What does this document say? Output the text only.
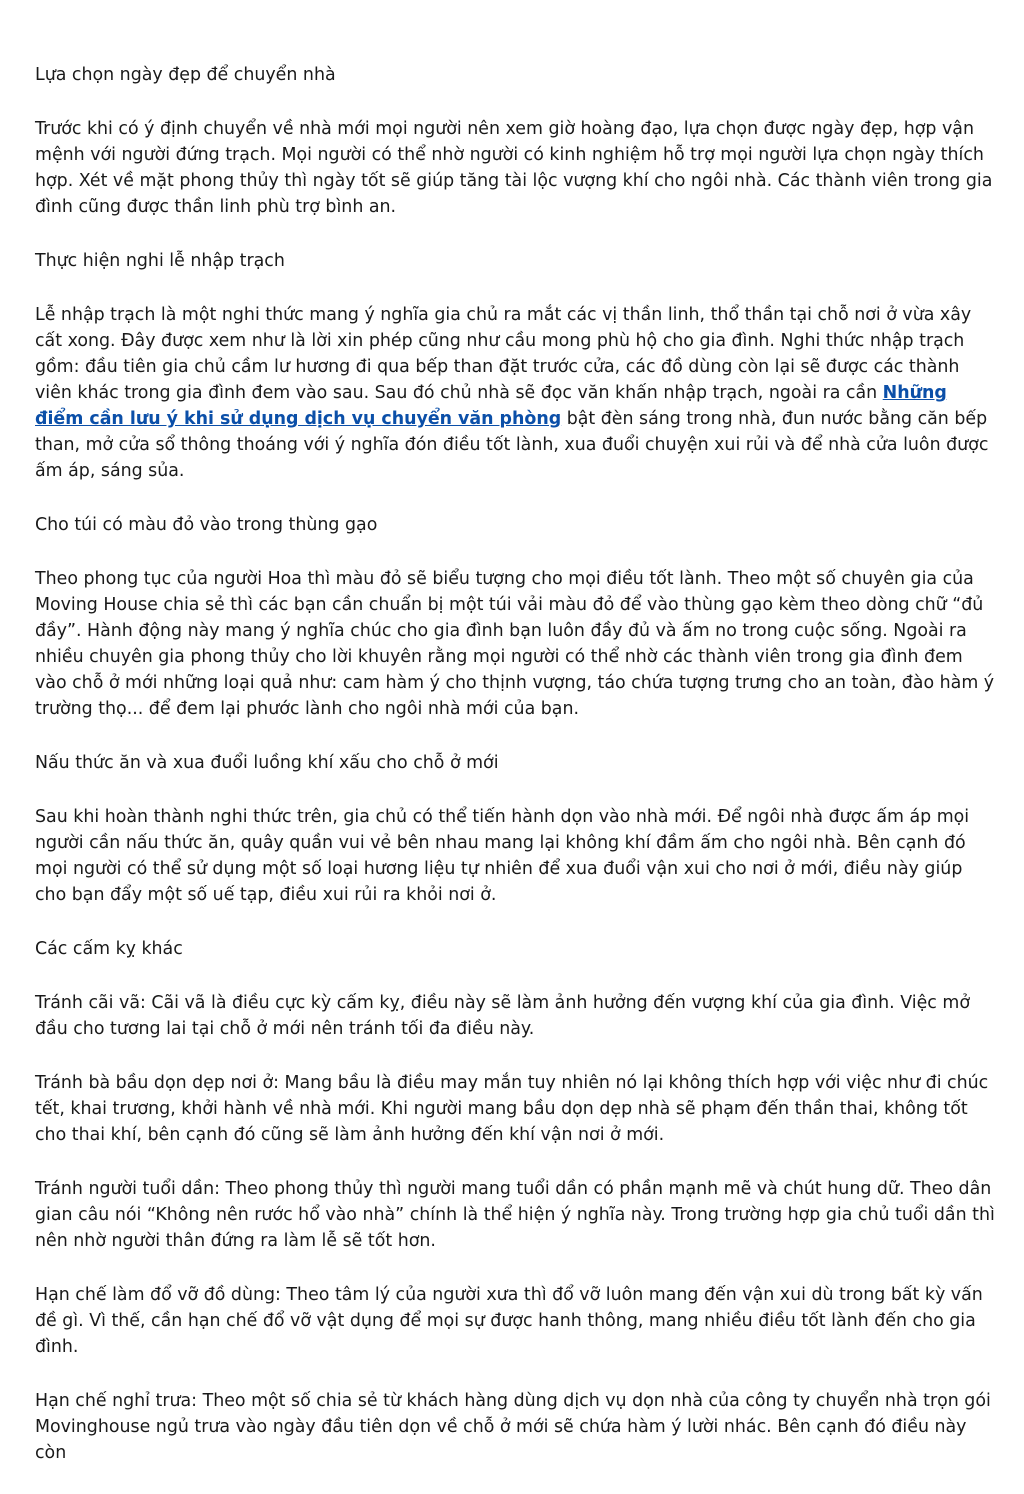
Lựa chọn ngày đẹp để chuyển nhà

Trước khi có ý định chuyển về nhà mới mọi người nên xem giờ hoàng đạo, lựa chọn được ngày đẹp, hợp vận mệnh với người đứng trạch. Mọi người có thể nhờ người có kinh nghiệm hỗ trợ mọi người lựa chọn ngày thích hợp. Xét về mặt phong thủy thì ngày tốt sẽ giúp tăng tài lộc vượng khí cho ngôi nhà. Các thành viên trong gia đình cũng được thần linh phù trợ bình an.

Thực hiện nghi lễ nhập trạch

Lễ nhập trạch là một nghi thức mang ý nghĩa gia chủ ra mắt các vị thần linh, thổ thần tại chỗ nơi ở vừa xây cất xong. Đây được xem như là lời xin phép cũng như cầu mong phù hộ cho gia đình. Nghi thức nhập trạch gồm: đầu tiên gia chủ cầm lư hương đi qua bếp than đặt trước cửa, các đồ dùng còn lại sẽ được các thành viên khác trong gia đình đem vào sau. Sau đó chủ nhà sẽ đọc văn khấn nhập trạch, ngoài ra cần Những điểm cần lưu ý khi sử dụng dịch vụ chuyển văn phòng bật đèn sáng trong nhà, đun nước bằng căn bếp than, mở cửa sổ thông thoáng với ý nghĩa đón điều tốt lành, xua đuổi chuyện xui rủi và để nhà cửa luôn được ấm áp, sáng sủa.

Cho túi có màu đỏ vào trong thùng gạo

Theo phong tục của người Hoa thì màu đỏ sẽ biểu tượng cho mọi điều tốt lành. Theo một số chuyên gia của Moving House chia sẻ thì các bạn cần chuẩn bị một túi vải màu đỏ để vào thùng gạo kèm theo dòng chữ “đủ đầy”. Hành động này mang ý nghĩa chúc cho gia đình bạn luôn đầy đủ và ấm no trong cuộc sống. Ngoài ra nhiều chuyên gia phong thủy cho lời khuyên rằng mọi người có thể nhờ các thành viên trong gia đình đem vào chỗ ở mới những loại quả như: cam hàm ý cho thịnh vượng, táo chứa tượng trưng cho an toàn, đào hàm ý trường thọ... để đem lại phước lành cho ngôi nhà mới của bạn.

Nấu thức ăn và xua đuổi luồng khí xấu cho chỗ ở mới

Sau khi hoàn thành nghi thức trên, gia chủ có thể tiến hành dọn vào nhà mới. Để ngôi nhà được ấm áp mọi người cần nấu thức ăn, quây quần vui vẻ bên nhau mang lại không khí đầm ấm cho ngôi nhà. Bên cạnh đó mọi người có thể sử dụng một số loại hương liệu tự nhiên để xua đuổi vận xui cho nơi ở mới, điều này giúp cho bạn đẩy một số uế tạp, điều xui rủi ra khỏi nơi ở.

Các cấm kỵ khác

Tránh cãi vã: Cãi vã là điều cực kỳ cấm kỵ, điều này sẽ làm ảnh hưởng đến vượng khí của gia đình. Việc mở đầu cho tương lai tại chỗ ở mới nên tránh tối đa điều này.

Tránh bà bầu dọn dẹp nơi ở: Mang bầu là điều may mắn tuy nhiên nó lại không thích hợp với việc như đi chúc tết, khai trương, khởi hành về nhà mới. Khi người mang bầu dọn dẹp nhà sẽ phạm đến thần thai, không tốt cho thai khí, bên cạnh đó cũng sẽ làm ảnh hưởng đến khí vận nơi ở mới.

Tránh người tuổi dần: Theo phong thủy thì người mang tuổi dần có phần mạnh mẽ và chút hung dữ. Theo dân gian câu nói “Không nên rước hổ vào nhà” chính là thể hiện ý nghĩa này. Trong trường hợp gia chủ tuổi dần thì nên nhờ người thân đứng ra làm lễ sẽ tốt hơn.

Hạn chế làm đổ vỡ đồ dùng: Theo tâm lý của người xưa thì đổ vỡ luôn mang đến vận xui dù trong bất kỳ vấn đề gì. Vì thế, cần hạn chế đổ vỡ vật dụng để mọi sự được hanh thông, mang nhiều điều tốt lành đến cho gia đình.

Hạn chế nghỉ trưa: Theo một số chia sẻ từ khách hàng dùng dịch vụ dọn nhà của công ty chuyển nhà trọn gói Movinghouse ngủ trưa vào ngày đầu tiên dọn về chỗ ở mới sẽ chứa hàm ý lười nhác. Bên cạnh đó điều này còn
